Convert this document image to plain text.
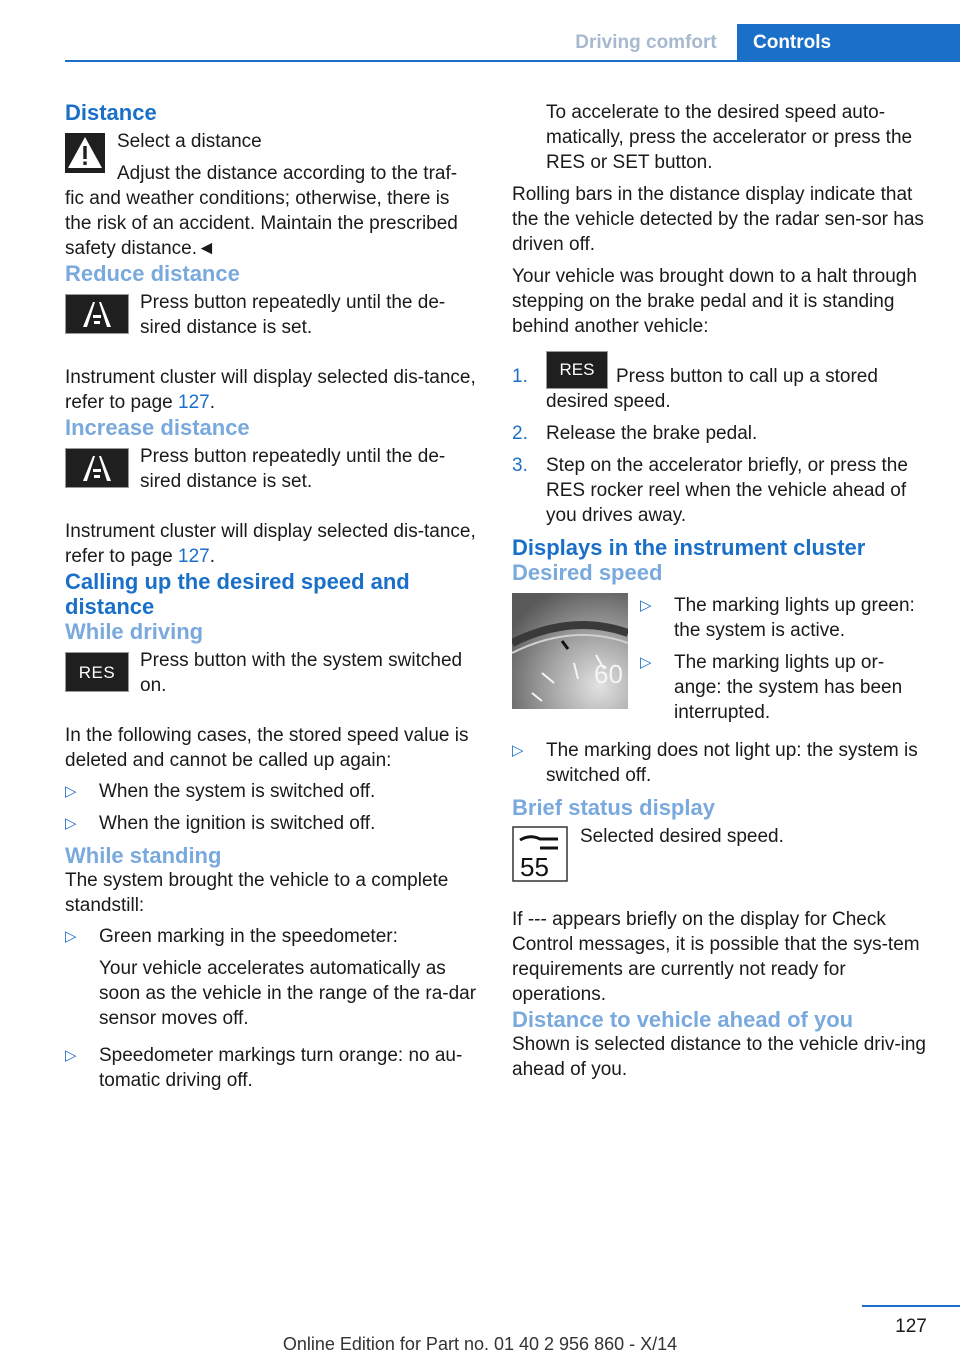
Driving comfort	Controls
Distance

Select a distance

Adjust the distance according to the traf-

fic and weather conditions; otherwise, there is the risk of an accident. Maintain the prescribed safety distance.◄

Reduce distance

Press button repeatedly until the de-sired distance is set.

Instrument cluster will display selected dis-tance, refer to page 127.

Increase distance

Press button repeatedly until the de-sired distance is set.

Instrument cluster will display selected dis-tance, refer to page 127.

Calling up the desired speed and distance
While driving
RES

Press button with the system switched on.

In the following cases, the stored speed value is deleted and cannot be called up again:

▷ When the system is switched off.
▷ When the ignition is switched off.
While standing

The system brought the vehicle to a complete standstill:

▷ Green marking in the speedometer:

Your vehicle accelerates automatically as soon as the vehicle in the range of the ra-dar sensor moves off.

▷ Speedometer markings turn orange: no au-tomatic driving off.

To accelerate to the desired speed auto-matically, press the accelerator or press the RES or SET button.

Rolling bars in the distance display indicate that the the vehicle detected by the radar sen-sor has driven off.

Your vehicle was brought down to a halt through stepping on the brake pedal and it is standing behind another vehicle:

1. RES Press button to call up a stored desired speed.
2. Release the brake pedal.
3. Step on the accelerator briefly, or press the RES rocker reel when the vehicle ahead of you drives away.
Displays in the instrument cluster
Desired speed
60
▷ The marking lights up green: the system is active.
▷ The marking lights up or-ange: the system has been interrupted.
▷ The marking does not light up: the system is switched off.
Brief status display
55

Selected desired speed.

If --- appears briefly on the display for Check Control messages, it is possible that the sys-tem requirements are currently not ready for operations.

Distance to vehicle ahead of you

Shown is selected distance to the vehicle driv-ing ahead of you.

127
Online Edition for Part no. 01 40 2 956 860 - X/14
